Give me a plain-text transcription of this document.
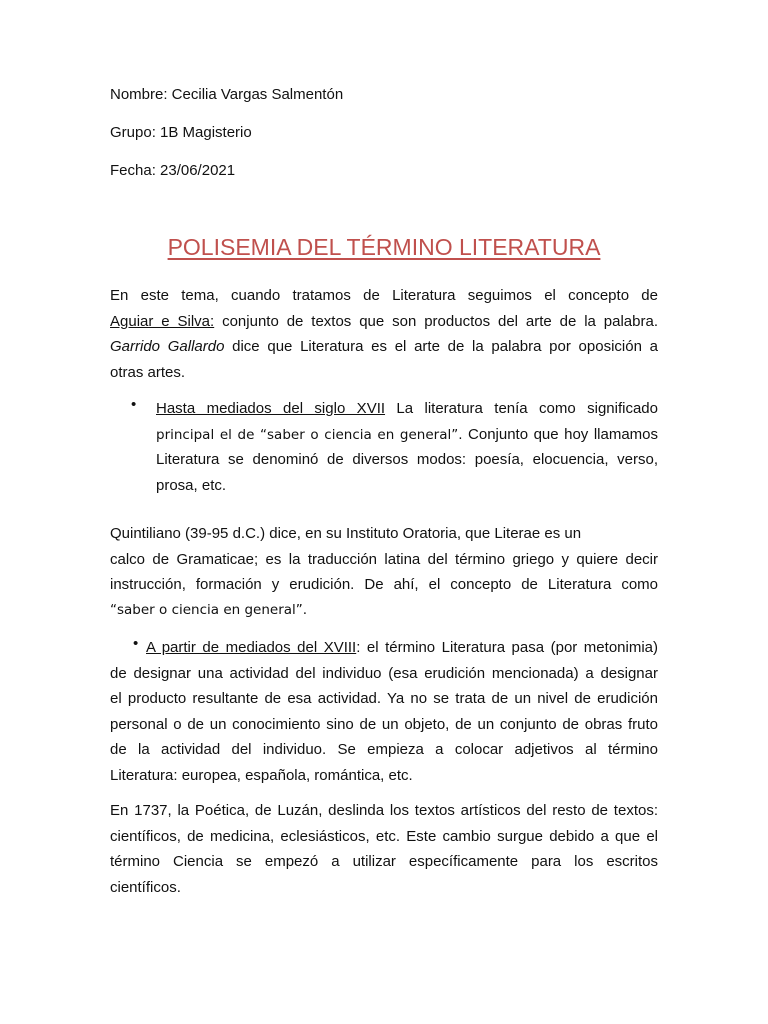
Nombre: Cecilia Vargas Salmentón

Grupo: 1B Magisterio

Fecha: 23/06/2021

POLISEMIA DEL TÉRMINO LITERATURA
En este tema, cuando tratamos de Literatura seguimos el concepto de
Aguiar e Silva: conjunto de textos que son productos del arte de la palabra.
Garrido Gallardo dice que Literatura es el arte de la palabra por oposición a
otras artes.
• Hasta mediados del siglo XVII La literatura tenía como significado
principal el de “saber o ciencia en general”. Conjunto que hoy llamamos
Literatura se denominó de diversos modos: poesía, elocuencia, verso,
prosa, etc.
Quintiliano (39-95 d.C.) dice, en su Instituto Oratoria, que Literae es un
calco de Gramaticae; es la traducción latina del término griego y quiere decir
instrucción, formación y erudición. De ahí, el concepto de Literatura como
“saber o ciencia en general”.
• A partir de mediados del XVIII: el término Literatura pasa (por metonimia)
de designar una actividad del individuo (esa erudición mencionada) a designar
el producto resultante de esa actividad. Ya no se trata de un nivel de erudición
personal o de un conocimiento sino de un objeto, de un conjunto de obras fruto
de la actividad del individuo. Se empieza a colocar adjetivos al término
Literatura: europea, española, romántica, etc.
En 1737, la Poética, de Luzán, deslinda los textos artísticos del resto de textos:
científicos, de medicina, eclesiásticos, etc. Este cambio surgue debido a que el
término Ciencia se empezó a utilizar específicamente para los escritos
científicos.
